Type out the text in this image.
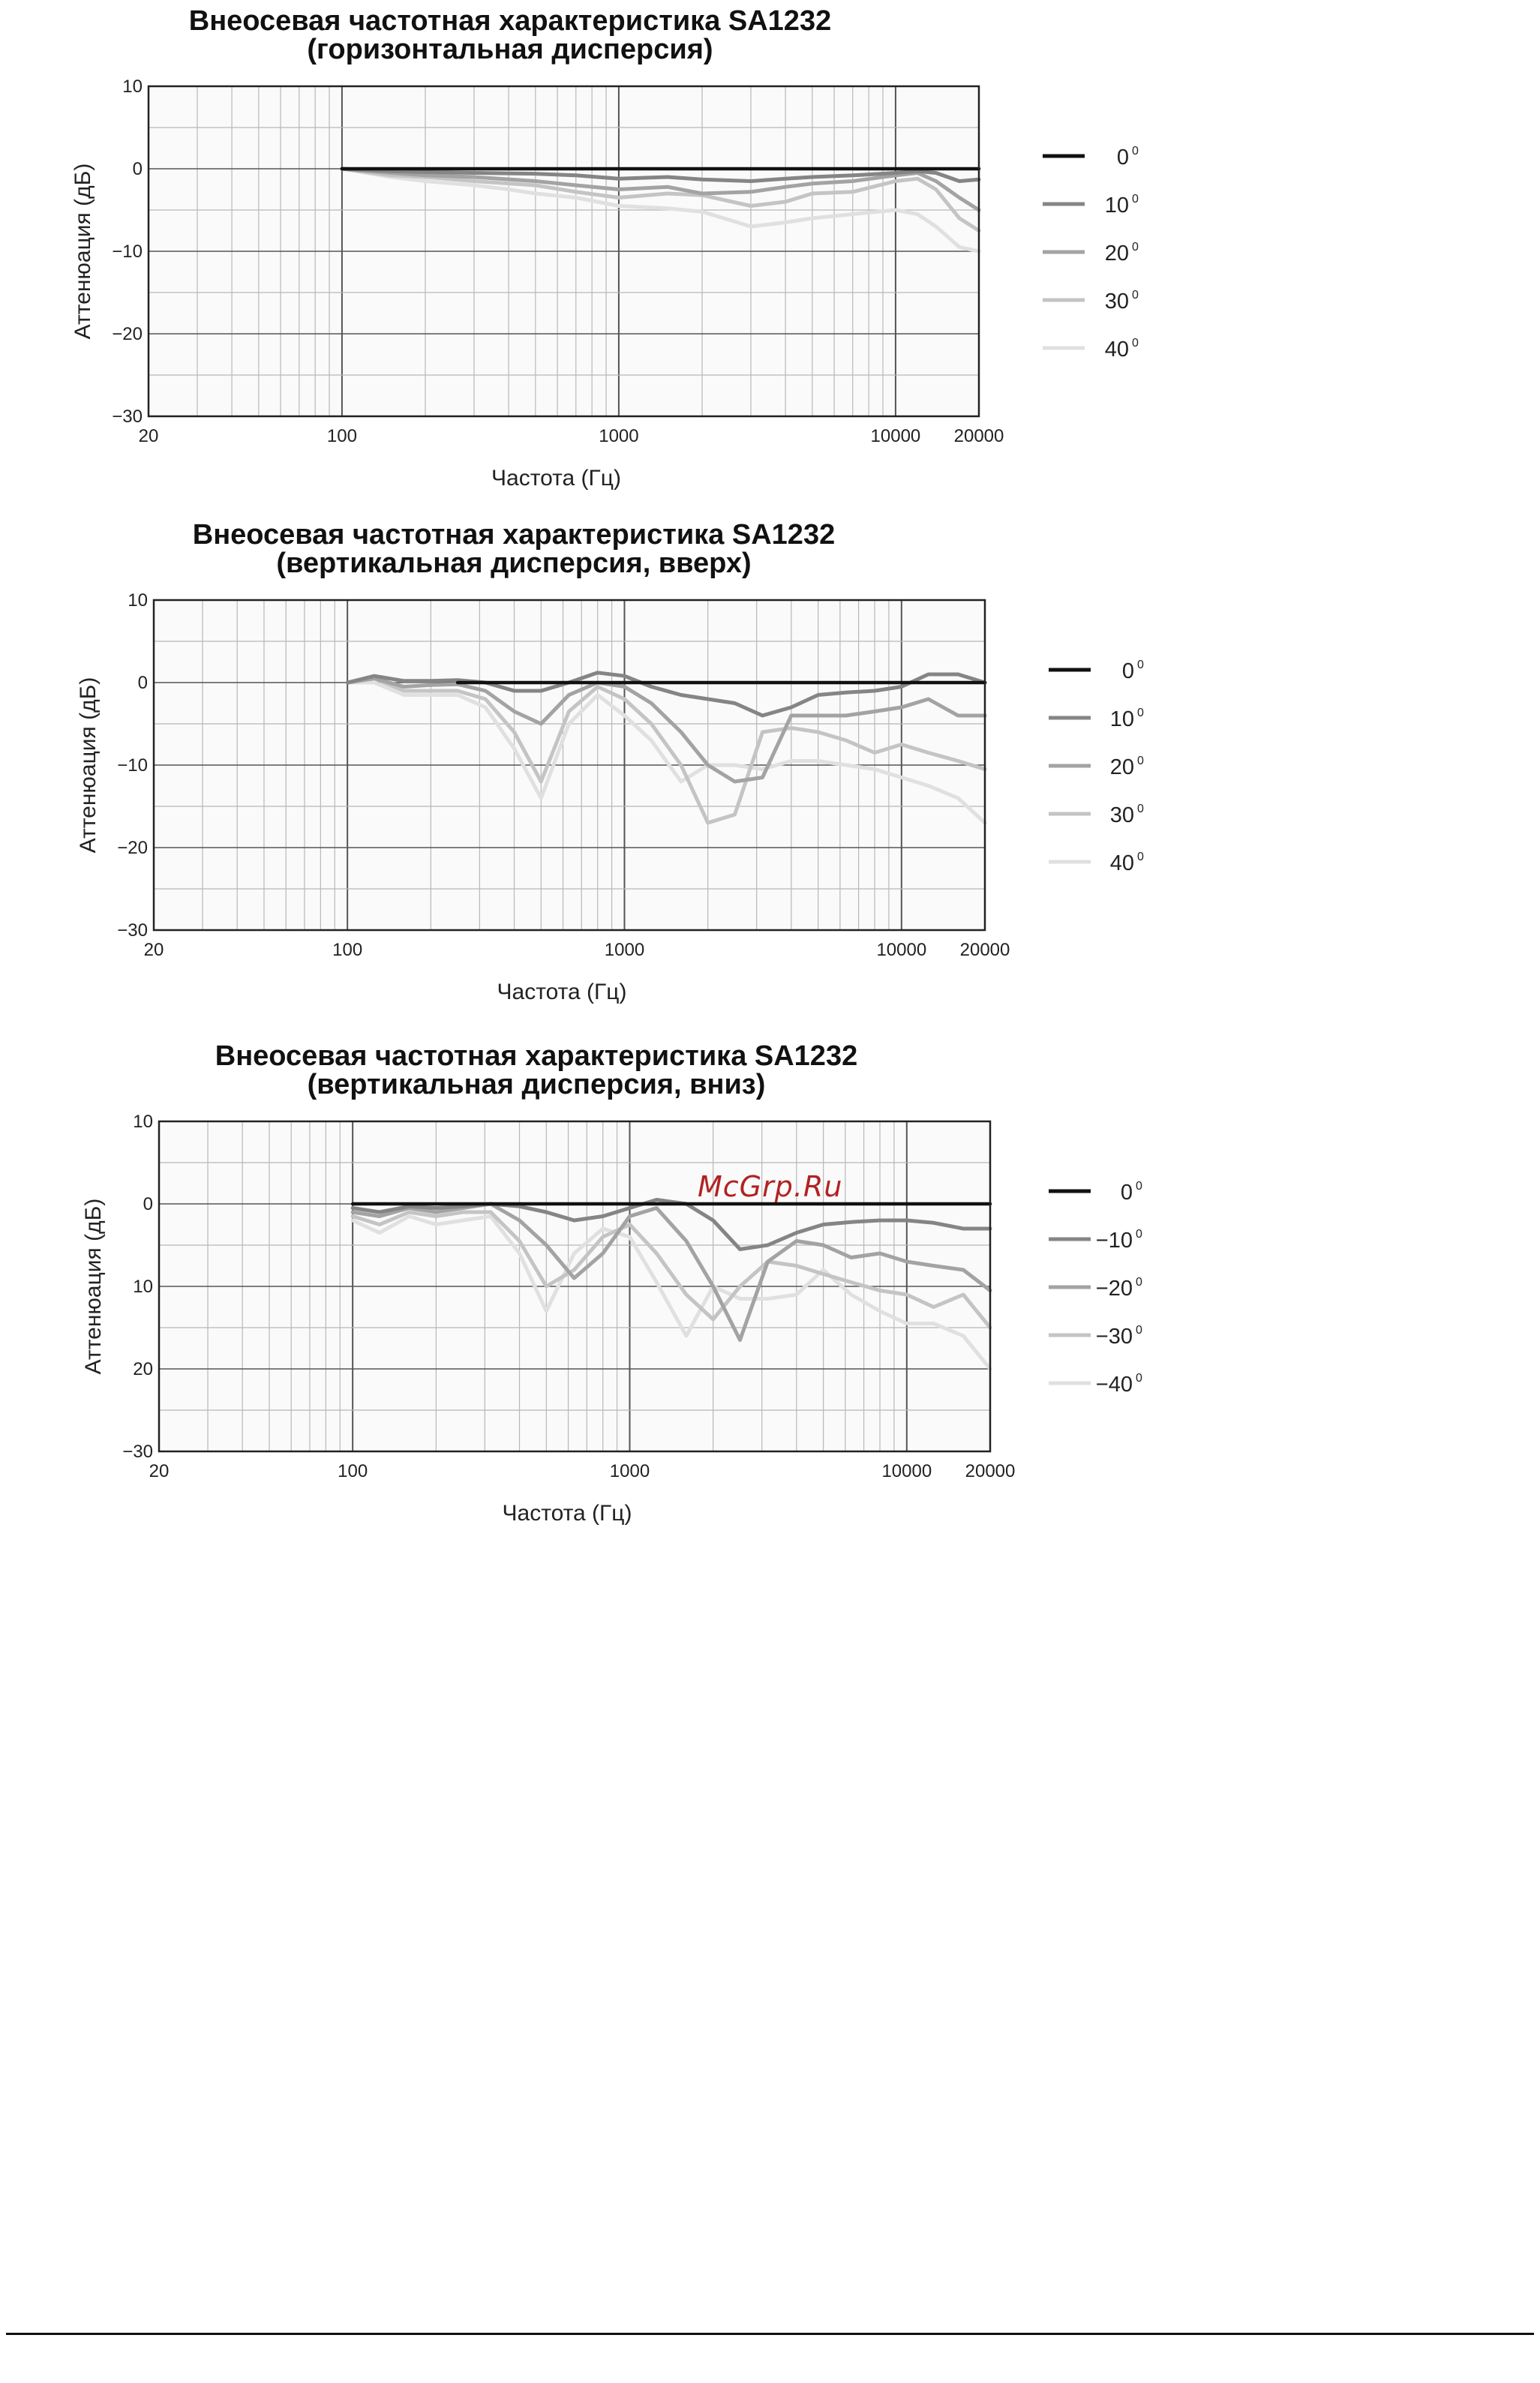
Внеосевая частотная характеристика SA1232
(горизонтальная дисперсия)
10
0
−10
−20
−30
20	100	1000	10000 20000
Частота (Гц)
Аттенюация (дБ)
0 0
10 0
20 0
30 0
40 0
Внеосевая частотная характеристика SA1232
(вертикальная дисперсия, вверх)
10
0
−10
−20
−30
20	100	1000	10000 20000
Частота (Гц)
Аттенюация (дБ)
0 0
10 0
20 0
30 0
40 0
Внеосевая частотная характеристика SA1232
(вертикальная дисперсия, вниз)
10
0
10
20
−30
20	100	1000	10000 20000
Частота (Гц)
Аттенюация (дБ)
0 0
−10 0
−20 0
−30 0
−40 0
McGrp.Ru
